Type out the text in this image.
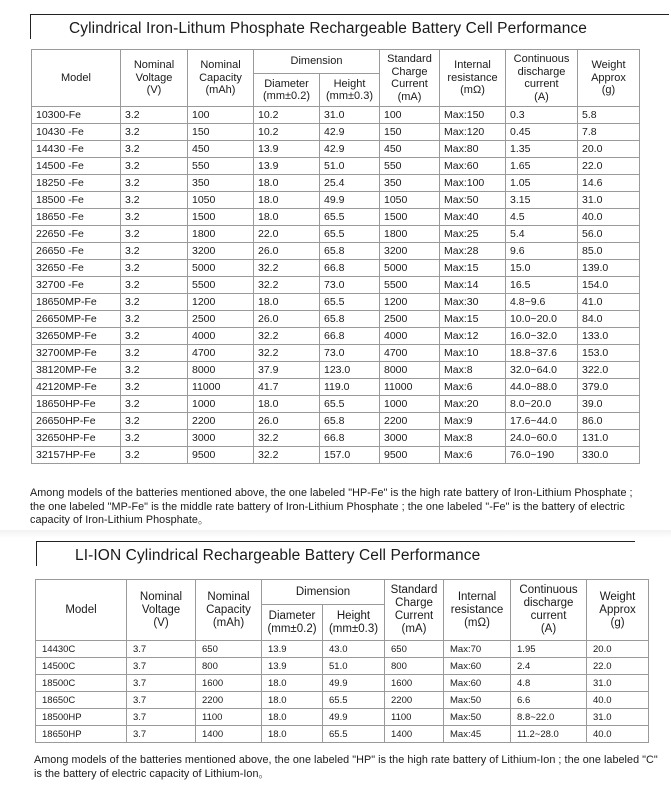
Cylindrical Iron-Lithum Phosphate Rechargeable Battery Cell Performance
Model	Nominal
Voltage
(V)	Nominal
Capacity
(mAh)	Dimension		Standard
Charge
Current
(mA)	Internal
resistance
(mΩ)	Continuous
discharge
current
(A)	Weight
Approx
(g)
			Diameter
(mm±0.2)	Height
(mm±0.3)				
10300-Fe	3.2	100	10.2	31.0	100	Max:150	0.3	5.8
10430 -Fe	3.2	150	10.2	42.9	150	Max:120	0.45	7.8
14430 -Fe	3.2	450	13.9	42.9	450	Max:80	1.35	20.0
14500 -Fe	3.2	550	13.9	51.0	550	Max:60	1.65	22.0
18250 -Fe	3.2	350	18.0	25.4	350	Max:100	1.05	14.6
18500 -Fe	3.2	1050	18.0	49.9	1050	Max:50	3.15	31.0
18650 -Fe	3.2	1500	18.0	65.5	1500	Max:40	4.5	40.0
22650 -Fe	3.2	1800	22.0	65.5	1800	Max:25	5.4	56.0
26650 -Fe	3.2	3200	26.0	65.8	3200	Max:28	9.6	85.0
32650 -Fe	3.2	5000	32.2	66.8	5000	Max:15	15.0	139.0
32700 -Fe	3.2	5500	32.2	73.0	5500	Max:14	16.5	154.0
18650MP-Fe	3.2	1200	18.0	65.5	1200	Max:30	4.8~9.6	41.0
26650MP-Fe	3.2	2500	26.0	65.8	2500	Max:15	10.0~20.0	84.0
32650MP-Fe	3.2	4000	32.2	66.8	4000	Max:12	16.0~32.0	133.0
32700MP-Fe	3.2	4700	32.2	73.0	4700	Max:10	18.8~37.6	153.0
38120MP-Fe	3.2	8000	37.9	123.0	8000	Max:8	32.0~64.0	322.0
42120MP-Fe	3.2	11000	41.7	119.0	11000	Max:6	44.0~88.0	379.0
18650HP-Fe	3.2	1000	18.0	65.5	1000	Max:20	8.0~20.0	39.0
26650HP-Fe	3.2	2200	26.0	65.8	2200	Max:9	17.6~44.0	86.0
32650HP-Fe	3.2	3000	32.2	66.8	3000	Max:8	24.0~60.0	131.0
32157HP-Fe	3.2	9500	32.2	157.0	9500	Max:6	76.0~190	330.0

Among models of the batteries mentioned above, the one labeled "HP-Fe" is the high rate battery of Iron-Lithium Phosphate ; the one labeled "MP-Fe" is the middle rate battery of Iron-Lithium Phosphate ; the one labeled "-Fe" is the battery of electric capacity of Iron-Lithium Phosphate。

LI-ION Cylindrical Rechargeable Battery Cell Performance
Model	Nominal
Voltage
(V)	Nominal
Capacity
(mAh)	Dimension		Standard
Charge
Current
(mA)	Internal
resistance
(mΩ)	Continuous
discharge
current
(A)	Weight
Approx
(g)
			Diameter
(mm±0.2)	Height
(mm±0.3)				
14430C	3.7	650	13.9	43.0	650	Max:70	1.95	20.0
14500C	3.7	800	13.9	51.0	800	Max:60	2.4	22.0
18500C	3.7	1600	18.0	49.9	1600	Max:60	4.8	31.0
18650C	3.7	2200	18.0	65.5	2200	Max:50	6.6	40.0
18500HP	3.7	1100	18.0	49.9	1100	Max:50	8.8~22.0	31.0
18650HP	3.7	1400	18.0	65.5	1400	Max:45	11.2~28.0	40.0

Among models of the batteries mentioned above, the one labeled "HP" is the high rate battery of Lithium-Ion ; the one labeled "C" is the battery of electric capacity of Lithium-Ion。
